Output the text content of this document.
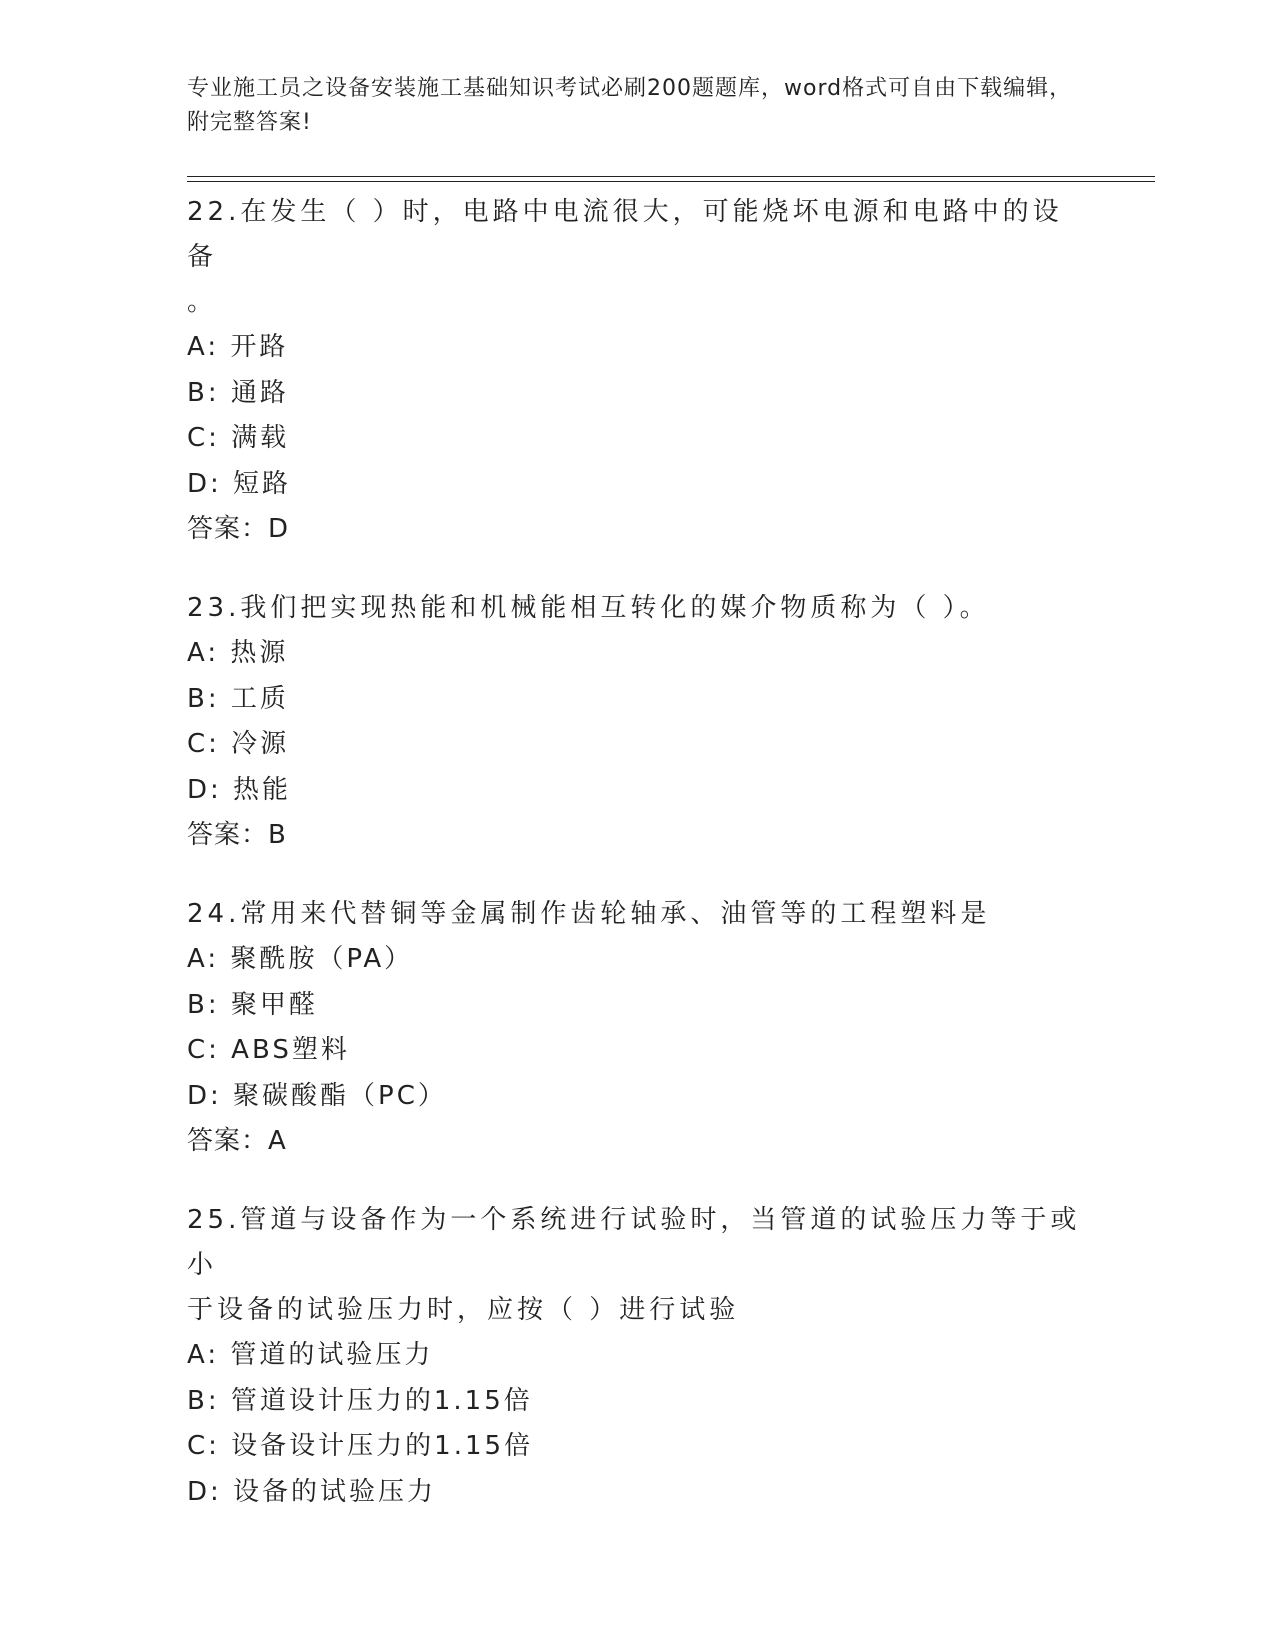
专业施工员之设备安装施工基础知识考试必刷200题题库，word格式可自由下载编辑，附完整答案!
22.在发生（ ）时，电路中电流很大，可能烧坏电源和电路中的设备
。
A: 开路
B: 通路
C: 满载
D: 短路
答案：D
23.我们把实现热能和机械能相互转化的媒介物质称为（ ）。
A: 热源
B: 工质
C: 冷源
D: 热能
答案：B
24.常用来代替铜等金属制作齿轮轴承、油管等的工程塑料是
A: 聚酰胺（PA）
B: 聚甲醛
C: ABS塑料
D: 聚碳酸酯（PC）
答案：A
25.管道与设备作为一个系统进行试验时，当管道的试验压力等于或小
于设备的试验压力时，应按（ ）进行试验
A: 管道的试验压力
B: 管道设计压力的1.15倍
C: 设备设计压力的1.15倍
D: 设备的试验压力
